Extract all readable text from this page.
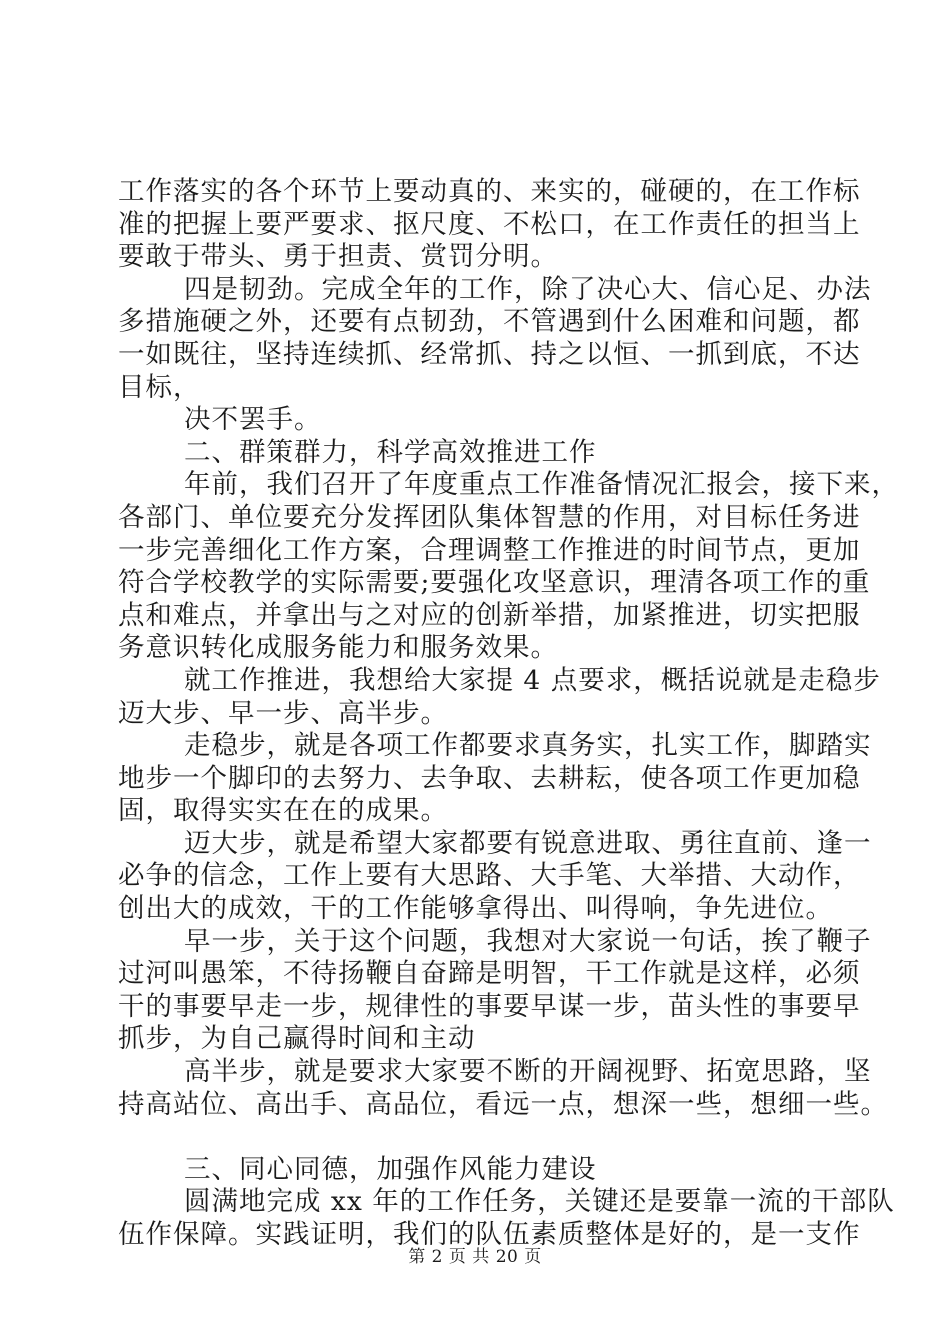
工作落实的各个环节上要动真的、来实的，碰硬的，在工作标
准的把握上要严要求、抠尺度、不松口，在工作责任的担当上
要敢于带头、勇于担责、赏罚分明。
四是韧劲。完成全年的工作，除了决心大、信心足、办法
多措施硬之外，还要有点韧劲，不管遇到什么困难和问题，都
一如既往，坚持连续抓、经常抓、持之以恒、一抓到底，不达
目标，
决不罢手。
二、群策群力，科学高效推进工作
年前，我们召开了年度重点工作准备情况汇报会，接下来，
各部门、单位要充分发挥团队集体智慧的作用，对目标任务进
一步完善细化工作方案，合理调整工作推进的时间节点，更加
符合学校教学的实际需要;要强化攻坚意识，理清各项工作的重
点和难点，并拿出与之对应的创新举措，加紧推进，切实把服
务意识转化成服务能力和服务效果。
就工作推进，我想给大家提 4 点要求，概括说就是走稳步
迈大步、早一步、高半步。
走稳步，就是各项工作都要求真务实，扎实工作，脚踏实
地步一个脚印的去努力、去争取、去耕耘，使各项工作更加稳
固，取得实实在在的成果。
迈大步，就是希望大家都要有锐意进取、勇往直前、逢一
必争的信念，工作上要有大思路、大手笔、大举措、大动作，
创出大的成效，干的工作能够拿得出、叫得响，争先进位。
早一步，关于这个问题，我想对大家说一句话，挨了鞭子
过河叫愚笨，不待扬鞭自奋蹄是明智，干工作就是这样，必须
干的事要早走一步，规律性的事要早谋一步，苗头性的事要早
抓步，为自己赢得时间和主动
高半步，就是要求大家要不断的开阔视野、拓宽思路，坚
持高站位、高出手、高品位，看远一点，想深一些，想细一些。
三、同心同德，加强作风能力建设
圆满地完成 xx 年的工作任务，关键还是要靠一流的干部队
伍作保障。实践证明，我们的队伍素质整体是好的，是一支作
第 2 页 共 20 页
